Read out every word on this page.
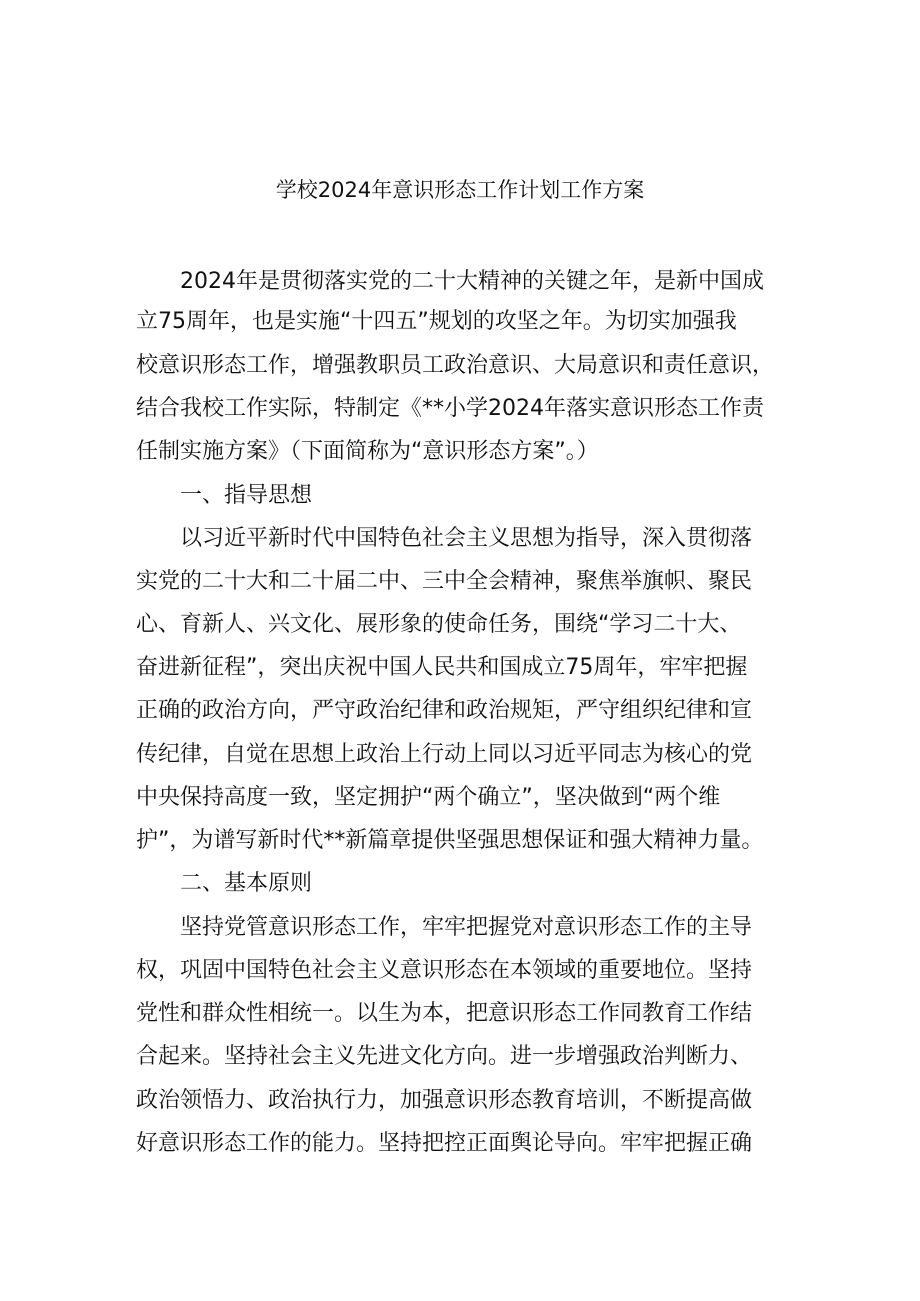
学校2024年意识形态工作计划工作方案
2024年是贯彻落实党的二十大精神的关键之年，是新中国成
立75周年，也是实施“十四五”规划的攻坚之年。为切实加强我
校意识形态工作，增强教职员工政治意识、大局意识和责任意识，
结合我校工作实际，特制定《**小学2024年落实意识形态工作责
任制实施方案》（下面简称为“意识形态方案”。）
一、指导思想
以习近平新时代中国特色社会主义思想为指导，深入贯彻落
实党的二十大和二十届二中、三中全会精神，聚焦举旗帜、聚民
心、育新人、兴文化、展形象的使命任务，围绕“学习二十大、
奋进新征程”，突出庆祝中国人民共和国成立75周年，牢牢把握
正确的政治方向，严守政治纪律和政治规矩，严守组织纪律和宣
传纪律，自觉在思想上政治上行动上同以习近平同志为核心的党
中央保持高度一致，坚定拥护“两个确立”，坚决做到“两个维
护”，为谱写新时代**新篇章提供坚强思想保证和强大精神力量。
二、基本原则
坚持党管意识形态工作，牢牢把握党对意识形态工作的主导
权，巩固中国特色社会主义意识形态在本领域的重要地位。坚持
党性和群众性相统一。以生为本，把意识形态工作同教育工作结
合起来。坚持社会主义先进文化方向。进一步增强政治判断力、
政治领悟力、政治执行力，加强意识形态教育培训，不断提高做
好意识形态工作的能力。坚持把控正面舆论导向。牢牢把握正确
